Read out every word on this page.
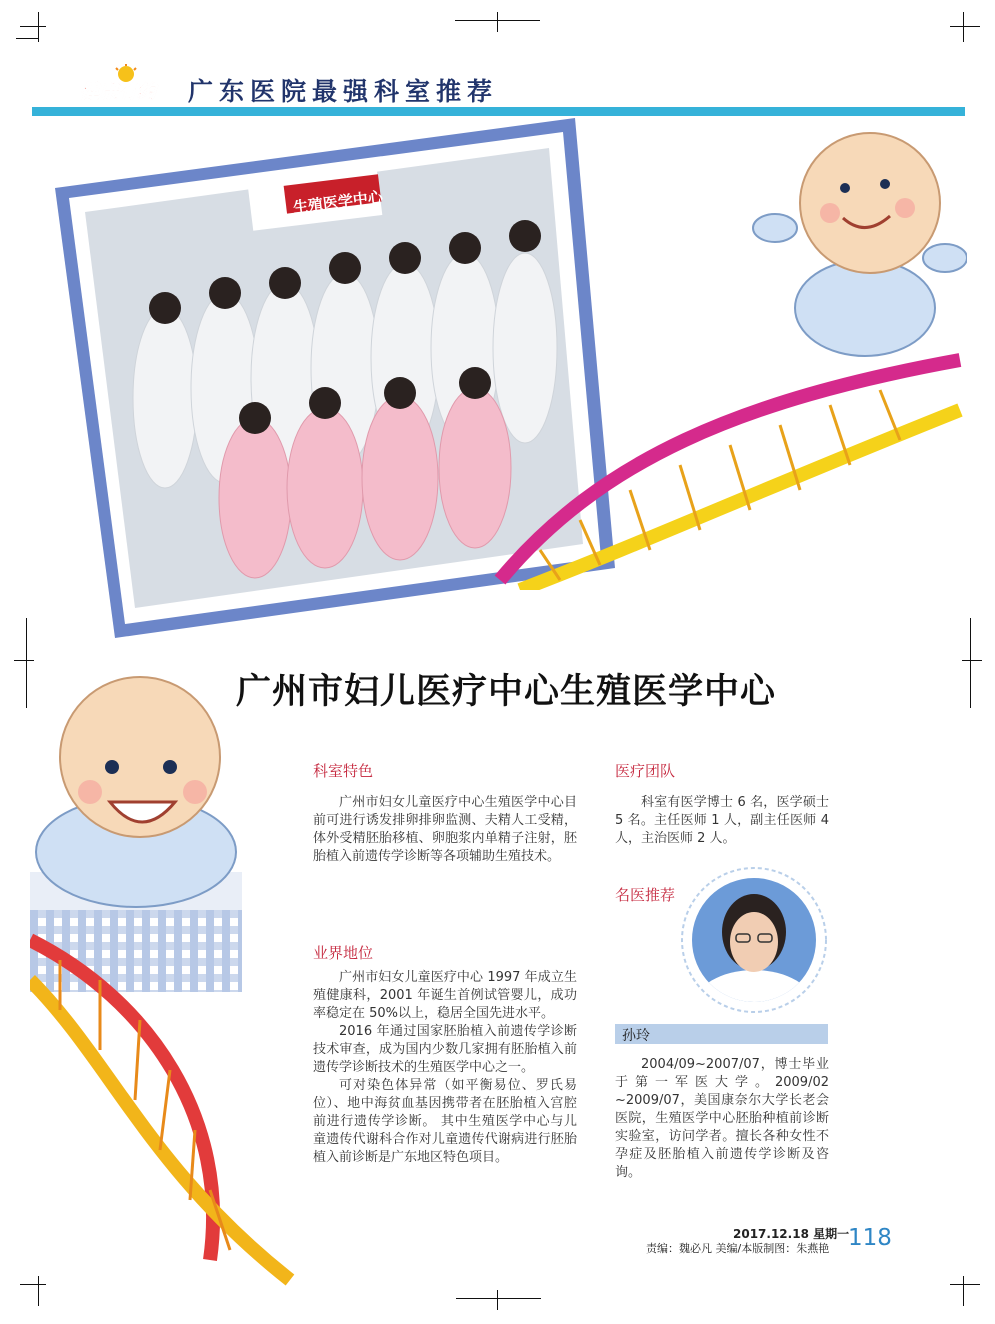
健康有约 广东医院最强科室推荐
生殖医学中心
广州市妇儿医疗中心生殖医学中心
科室特色

广州市妇女儿童医疗中心生殖医学中心目前可进行诱发排卵排卵监测、夫精人工受精，体外受精胚胎移植、卵胞浆内单精子注射，胚胎植入前遗传学诊断等各项辅助生殖技术。

业界地位

广州市妇女儿童医疗中心 1997 年成立生殖健康科，2001 年诞生首例试管婴儿，成功率稳定在 50%以上，稳居全国先进水平。

2016 年通过国家胚胎植入前遗传学诊断技术审查，成为国内少数几家拥有胚胎植入前遗传学诊断技术的生殖医学中心之一。

可对染色体异常（如平衡易位、罗氏易位）、地中海贫血基因携带者在胚胎植入宫腔前进行遗传学诊断。 其中生殖医学中心与儿童遗传代谢科合作对儿童遗传代谢病进行胚胎植入前诊断是广东地区特色项目。

医疗团队

科室有医学博士 6 名，医学硕士 5 名。主任医师 1 人，副主任医师 4 人，主治医师 2 人。

名医推荐
孙玲

2004/09~2007/07，博士毕业于第一军医大学。2009/02 ~2009/07，美国康奈尔大学长老会医院，生殖医学中心胚胎种植前诊断实验室，访问学者。擅长各种女性不孕症及胚胎植入前遗传学诊断及咨询。

2017.12.18 星期一
责编：魏必凡 美编/本版制图：朱燕艳 118
